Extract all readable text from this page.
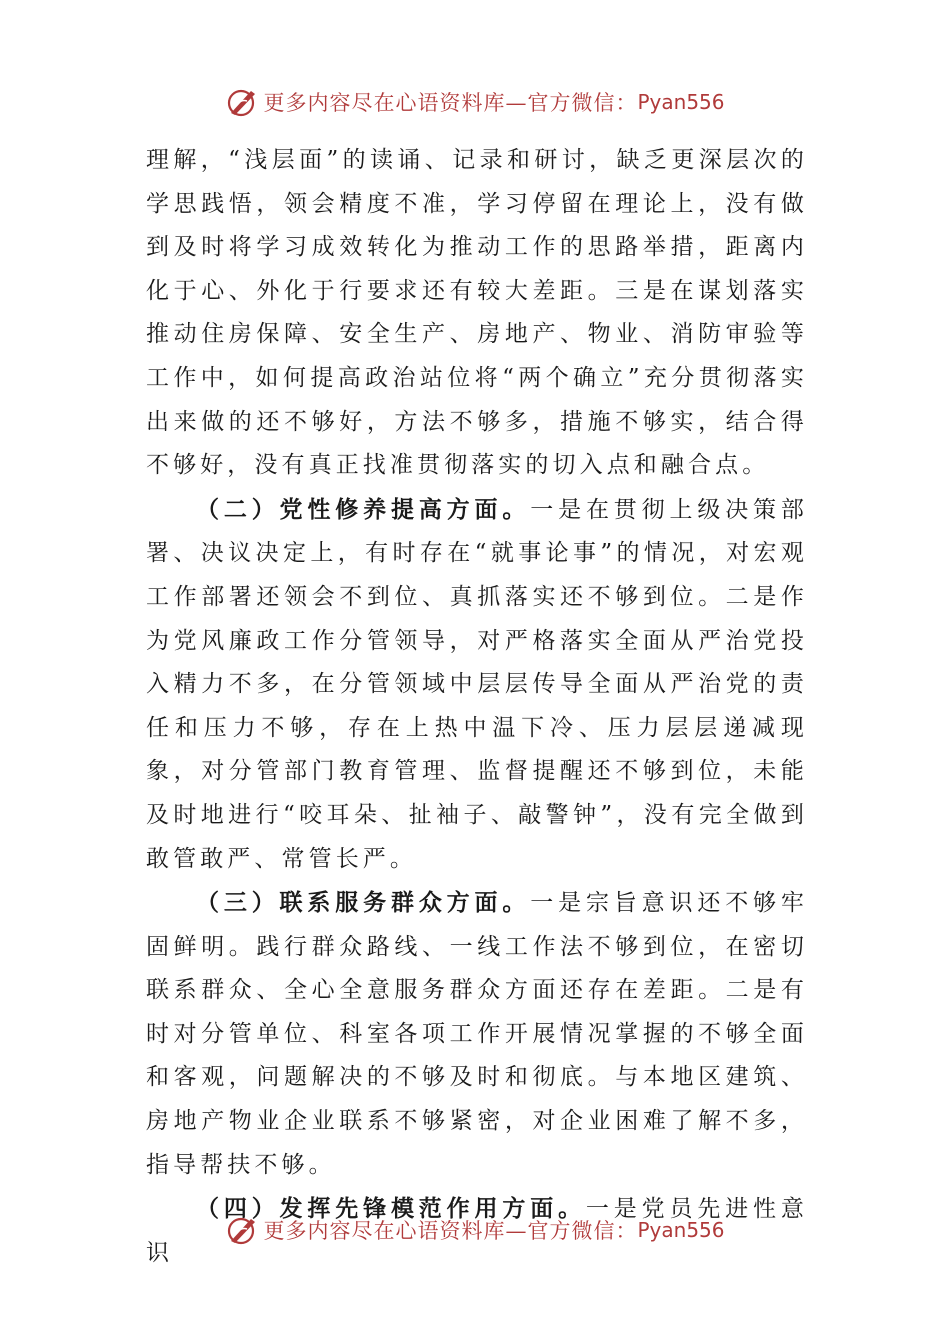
更多内容尽在心语资料库—官方微信： Pyan556

理解，“浅层面”的读诵、记录和研讨，缺乏更深层次的学思践悟，领会精度不准，学习停留在理论上，没有做到及时将学习成效转化为推动工作的思路举措，距离内化于心、外化于行要求还有较大差距。三是在谋划落实推动住房保障、安全生产、房地产、物业、消防审验等工作中，如何提高政治站位将“两个确立”充分贯彻落实出来做的还不够好，方法不够多，措施不够实，结合得不够好，没有真正找准贯彻落实的切入点和融合点。

（二）党性修养提高方面。一是在贯彻上级决策部署、决议决定上，有时存在“就事论事”的情况，对宏观工作部署还领会不到位、真抓落实还不够到位。二是作为党风廉政工作分管领导，对严格落实全面从严治党投入精力不多，在分管领域中层层传导全面从严治党的责任和压力不够，存在上热中温下冷、压力层层递减现象，对分管部门教育管理、监督提醒还不够到位，未能及时地进行“咬耳朵、扯袖子、敲警钟”，没有完全做到敢管敢严、常管长严。

（三）联系服务群众方面。一是宗旨意识还不够牢固鲜明。践行群众路线、一线工作法不够到位，在密切联系群众、全心全意服务群众方面还存在差距。二是有时对分管单位、科室各项工作开展情况掌握的不够全面和客观，问题解决的不够及时和彻底。与本地区建筑、房地产物业企业联系不够紧密，对企业困难了解不多，指导帮扶不够。

（四）发挥先锋模范作用方面。一是党员先进性意识

更多内容尽在心语资料库—官方微信： Pyan556
